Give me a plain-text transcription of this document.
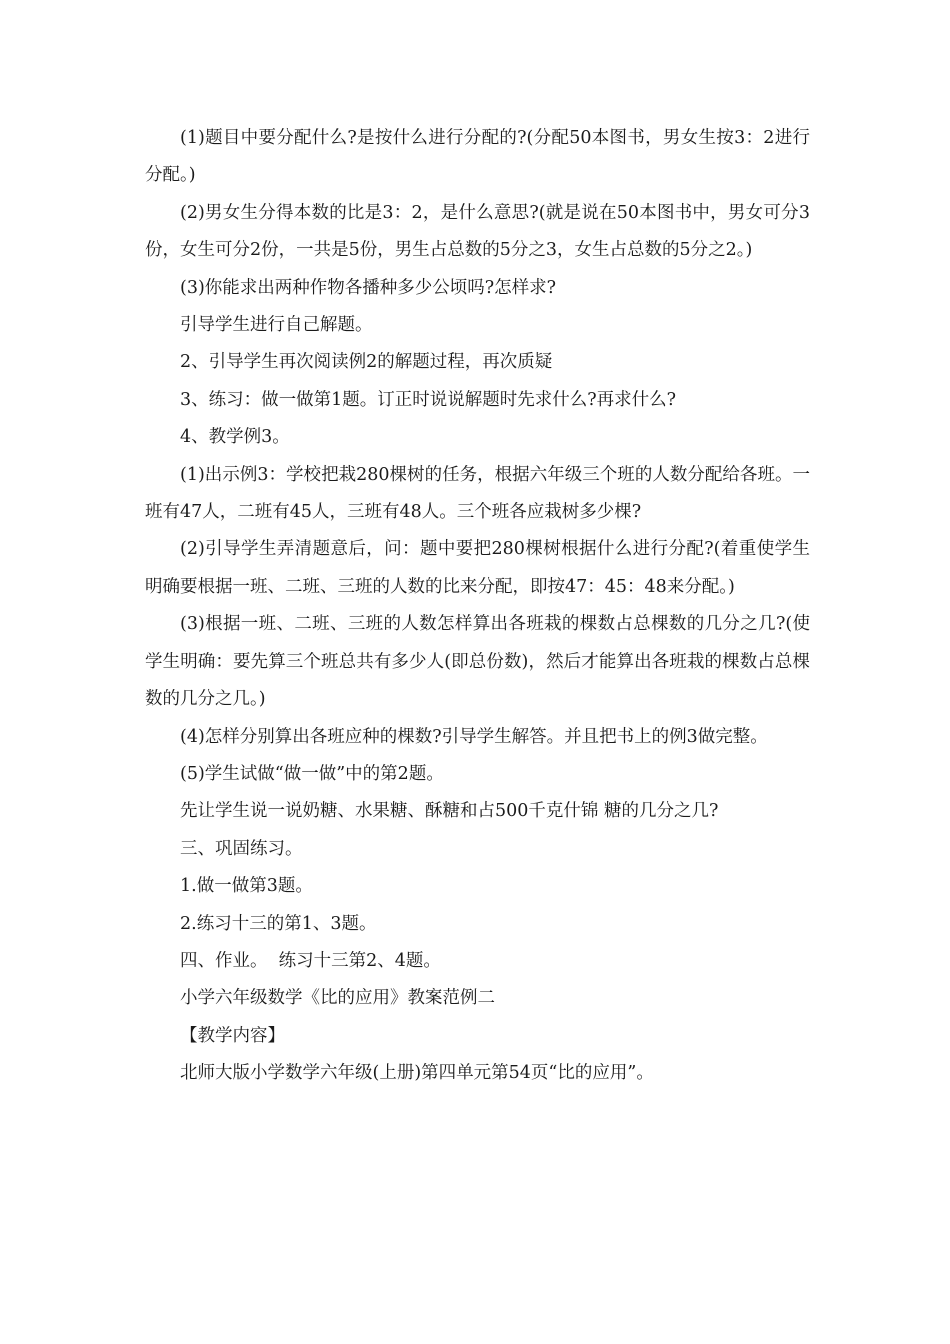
(1)题目中要分配什么?是按什么进行分配的?(分配50本图书，男女生按3：2进行分配。)

(2)男女生分得本数的比是3：2，是什么意思?(就是说在50本图书中，男女可分3份，女生可分2份，一共是5份，男生占总数的5分之3，女生占总数的5分之2。)

(3)你能求出两种作物各播种多少公顷吗?怎样求?

引导学生进行自己解题。

2、引导学生再次阅读例2的解题过程，再次质疑

3、练习：做一做第1题。订正时说说解题时先求什么?再求什么?

4、教学例3。

(1)出示例3：学校把栽280棵树的任务，根据六年级三个班的人数分配给各班。一班有47人，二班有45人，三班有48人。三个班各应栽树多少棵?

(2)引导学生弄清题意后，问：题中要把280棵树根据什么进行分配?(着重使学生明确要根据一班、二班、三班的人数的比来分配，即按47：45：48来分配。)

(3)根据一班、二班、三班的人数怎样算出各班栽的棵数占总棵数的几分之几?(使学生明确：要先算三个班总共有多少人(即总份数)，然后才能算出各班栽的棵数占总棵数的几分之几。)

(4)怎样分别算出各班应种的棵数?引导学生解答。并且把书上的例3做完整。

(5)学生试做“做一做”中的第2题。

先让学生说一说奶糖、水果糖、酥糖和占500千克什锦 糖的几分之几?

三、巩固练习。

1.做一做第3题。

2.练习十三的第1、3题。

四、作业。  练习十三第2、4题。

小学六年级数学《比的应用》教案范例二

【教学内容】

北师大版小学数学六年级(上册)第四单元第54页“比的应用”。
